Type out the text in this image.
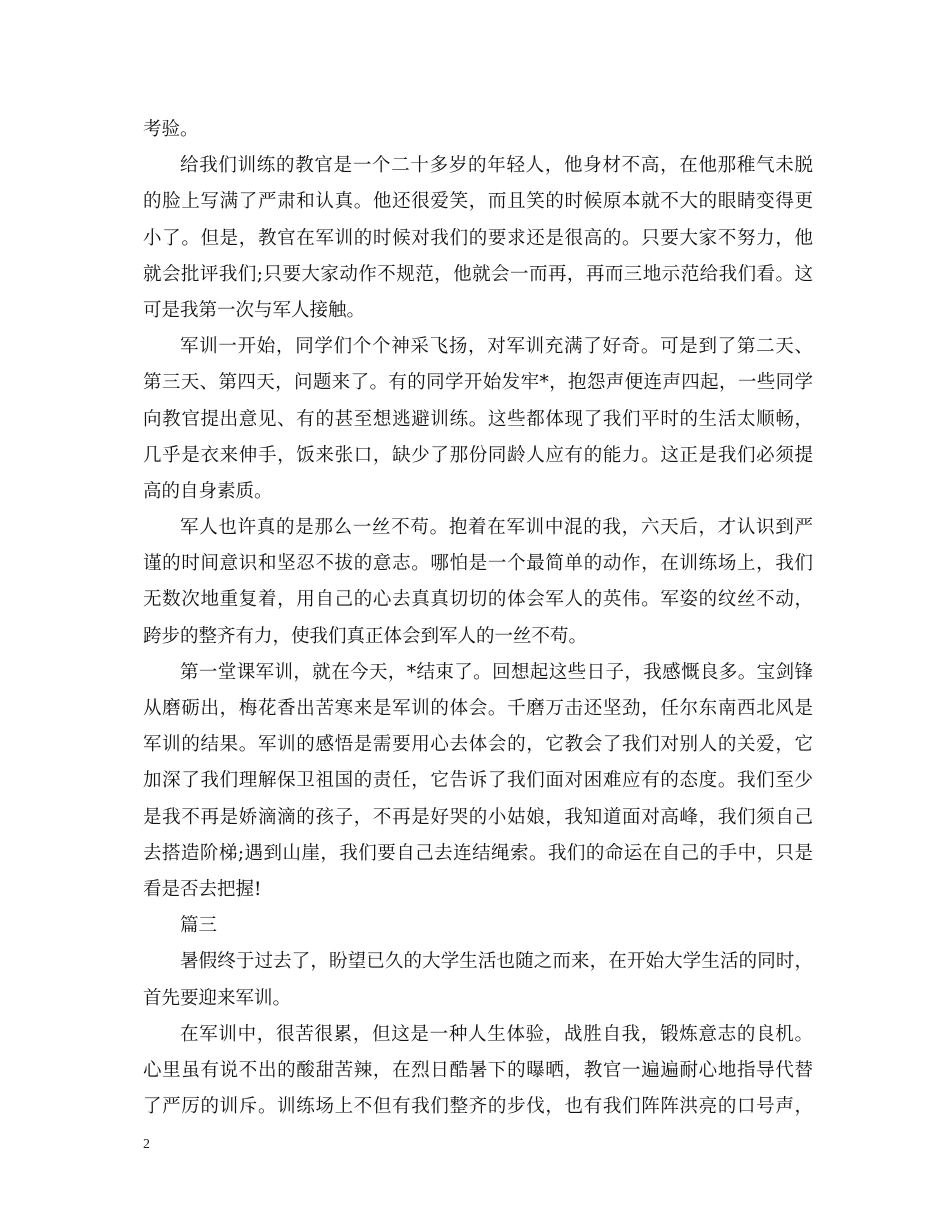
考验。
给我们训练的教官是一个二十多岁的年轻人，他身材不高，在他那稚气未脱
的脸上写满了严肃和认真。他还很爱笑，而且笑的时候原本就不大的眼睛变得更
小了。但是，教官在军训的时候对我们的要求还是很高的。只要大家不努力，他
就会批评我们;只要大家动作不规范，他就会一而再，再而三地示范给我们看。这
可是我第一次与军人接触。
军训一开始，同学们个个神采飞扬，对军训充满了好奇。可是到了第二天、
第三天、第四天，问题来了。有的同学开始发牢*，抱怨声便连声四起，一些同学
向教官提出意见、有的甚至想逃避训练。这些都体现了我们平时的生活太顺畅，
几乎是衣来伸手，饭来张口，缺少了那份同龄人应有的能力。这正是我们必须提
高的自身素质。
军人也许真的是那么一丝不苟。抱着在军训中混的我，六天后，才认识到严
谨的时间意识和坚忍不拔的意志。哪怕是一个最简单的动作，在训练场上，我们
无数次地重复着，用自己的心去真真切切的体会军人的英伟。军姿的纹丝不动，
跨步的整齐有力，使我们真正体会到军人的一丝不苟。
第一堂课军训，就在今天，*结束了。回想起这些日子，我感慨良多。宝剑锋
从磨砺出，梅花香出苦寒来是军训的体会。千磨万击还坚劲，任尔东南西北风是
军训的结果。军训的感悟是需要用心去体会的，它教会了我们对别人的关爱，它
加深了我们理解保卫祖国的责任，它告诉了我们面对困难应有的态度。我们至少
是我不再是娇滴滴的孩子，不再是好哭的小姑娘，我知道面对高峰，我们须自己
去搭造阶梯;遇到山崖，我们要自己去连结绳索。我们的命运在自己的手中，只是
看是否去把握!
篇三
暑假终于过去了，盼望已久的大学生活也随之而来，在开始大学生活的同时，
首先要迎来军训。
在军训中，很苦很累，但这是一种人生体验，战胜自我，锻炼意志的良机。
心里虽有说不出的酸甜苦辣，在烈日酷暑下的曝晒，教官一遍遍耐心地指导代替
了严厉的训斥。训练场上不但有我们整齐的步伐，也有我们阵阵洪亮的口号声，
2
